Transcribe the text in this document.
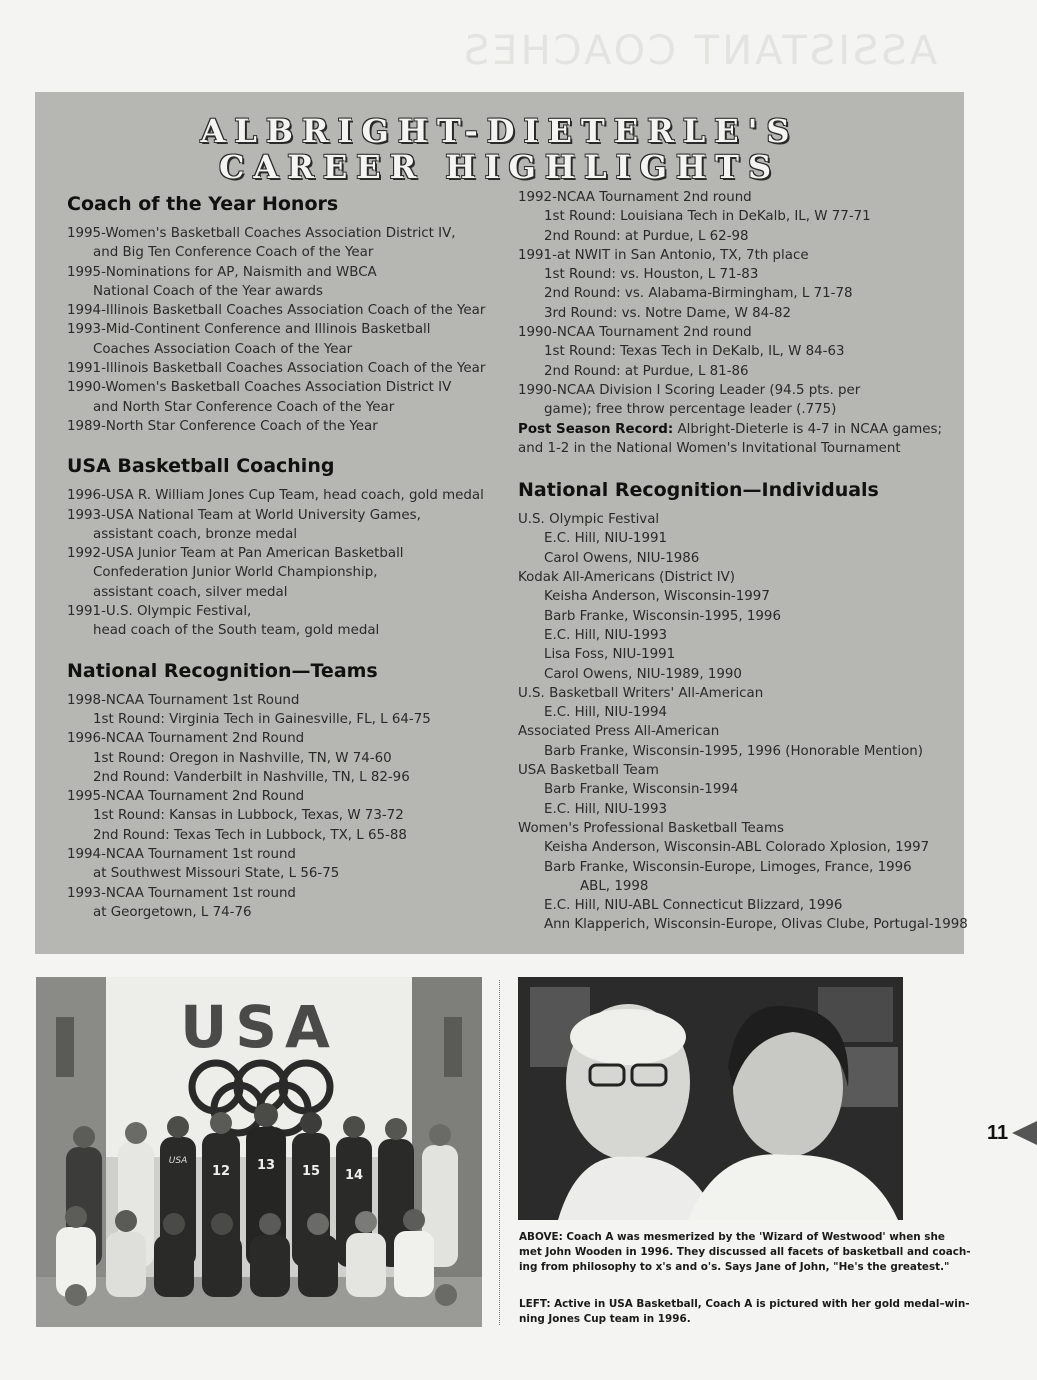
ASSISTANT COACHES
ALBRIGHT-DIETERLE'S
CAREER HIGHLIGHTS
Coach of the Year Honors
1995-Women's Basketball Coaches Association District IV,
and Big Ten Conference Coach of the Year
1995-Nominations for AP, Naismith and WBCA
National Coach of the Year awards
1994-Illinois Basketball Coaches Association Coach of the Year
1993-Mid-Continent Conference and Illinois Basketball
Coaches Association Coach of the Year
1991-Illinois Basketball Coaches Association Coach of the Year
1990-Women's Basketball Coaches Association District IV
and North Star Conference Coach of the Year
1989-North Star Conference Coach of the Year
USA Basketball Coaching
1996-USA R. William Jones Cup Team, head coach, gold medal
1993-USA National Team at World University Games,
assistant coach, bronze medal
1992-USA Junior Team at Pan American Basketball
Confederation Junior World Championship,
assistant coach, silver medal
1991-U.S. Olympic Festival,
head coach of the South team, gold medal
National Recognition—Teams
1998-NCAA Tournament 1st Round
1st Round: Virginia Tech in Gainesville, FL, L 64-75
1996-NCAA Tournament 2nd Round
1st Round: Oregon in Nashville, TN, W 74-60
2nd Round: Vanderbilt in Nashville, TN, L 82-96
1995-NCAA Tournament 2nd Round
1st Round: Kansas in Lubbock, Texas, W 73-72
2nd Round: Texas Tech in Lubbock, TX, L 65-88
1994-NCAA Tournament 1st round
at Southwest Missouri State, L 56-75
1993-NCAA Tournament 1st round
at Georgetown, L 74-76
1992-NCAA Tournament 2nd round
1st Round: Louisiana Tech in DeKalb, IL, W 77-71
2nd Round: at Purdue, L 62-98
1991-at NWIT in San Antonio, TX, 7th place
1st Round: vs. Houston, L 71-83
2nd Round: vs. Alabama-Birmingham, L 71-78
3rd Round: vs. Notre Dame, W 84-82
1990-NCAA Tournament 2nd round
1st Round: Texas Tech in DeKalb, IL, W 84-63
2nd Round: at Purdue, L 81-86
1990-NCAA Division I Scoring Leader (94.5 pts. per
game); free throw percentage leader (.775)
Post Season Record: Albright-Dieterle is 4-7 in NCAA games;
and 1-2 in the National Women's Invitational Tournament
National Recognition—Individuals
U.S. Olympic Festival
E.C. Hill, NIU-1991
Carol Owens, NIU-1986
Kodak All-Americans (District IV)
Keisha Anderson, Wisconsin-1997
Barb Franke, Wisconsin-1995, 1996
E.C. Hill, NIU-1993
Lisa Foss, NIU-1991
Carol Owens, NIU-1989, 1990
U.S. Basketball Writers' All-American
E.C. Hill, NIU-1994
Associated Press All-American
Barb Franke, Wisconsin-1995, 1996 (Honorable Mention)
USA Basketball Team
Barb Franke, Wisconsin-1994
E.C. Hill, NIU-1993
Women's Professional Basketball Teams
Keisha Anderson, Wisconsin-ABL Colorado Xplosion, 1997
Barb Franke, Wisconsin-Europe, Limoges, France, 1996
ABL, 1998
E.C. Hill, NIU-ABL Connecticut Blizzard, 1996
Ann Klapperich, Wisconsin-Europe, Olivas Clube, Portugal-1998
USA
12 13 15 14
USA
ABOVE: Coach A was mesmerized by the 'Wizard of Westwood' when she met John Wooden in 1996. They discussed all facets of basketball and coach-ing from philosophy to x's and o's. Says Jane of John, "He's the greatest."
LEFT: Active in USA Basketball, Coach A is pictured with her gold medal–win-ning Jones Cup team in 1996.
11
